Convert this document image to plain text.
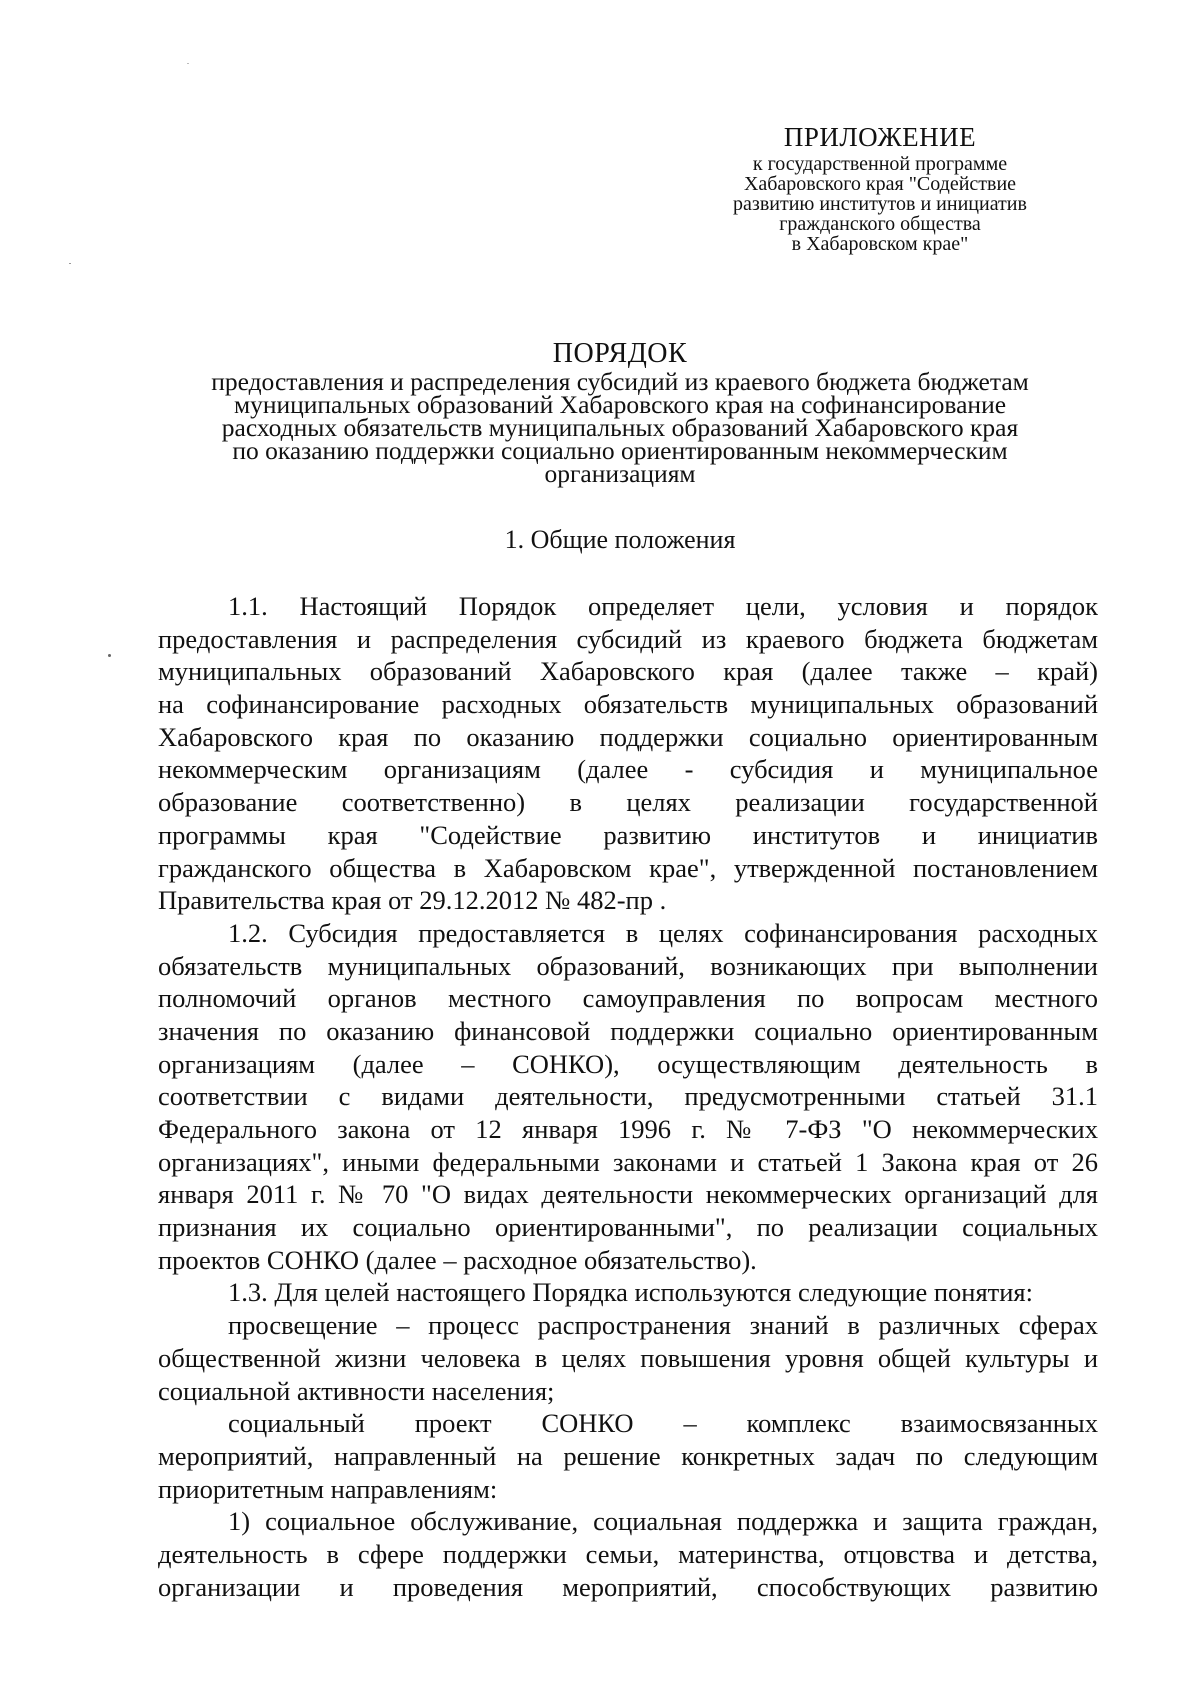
ПРИЛОЖЕНИЕ
к государственной программе
Хабаровского края "Содействие
развитию институтов и инициатив
гражданского общества
в Хабаровском крае"
ПОРЯДОК
предоставления и распределения субсидий из краевого бюджета бюджетам
муниципальных образований Хабаровского края на софинансирование
расходных обязательств муниципальных образований Хабаровского края
по оказанию поддержки социально ориентированным некоммерческим
организациям
1. Общие положения
1.1. Настоящий Порядок определяет цели, условия и порядок
предоставления и распределения субсидий из краевого бюджета бюджетам
муниципальных образований Хабаровского края (далее также – край)
на софинансирование расходных обязательств муниципальных образований
Хабаровского края по оказанию поддержки социально ориентированным
некоммерческим организациям (далее - субсидия и муниципальное
образование соответственно) в целях реализации государственной
программы края "Содействие развитию институтов и инициатив
гражданского общества в Хабаровском крае", утвержденной постановлением
Правительства края от 29.12.2012 № 482-пр .
1.2. Субсидия предоставляется в целях софинансирования расходных
обязательств муниципальных образований, возникающих при выполнении
полномочий органов местного самоуправления по вопросам местного
значения по оказанию финансовой поддержки социально ориентированным
организациям (далее – СОНКО), осуществляющим деятельность в
соответствии с видами деятельности, предусмотренными статьей 31.1
Федерального закона от 12 января 1996 г. № 7-ФЗ "О некоммерческих
организациях", иными федеральными законами и статьей 1 Закона края от 26
января 2011 г. № 70 "О видах деятельности некоммерческих организаций для
признания их социально ориентированными", по реализации социальных
проектов СОНКО (далее – расходное обязательство).
1.3. Для целей настоящего Порядка используются следующие понятия:
просвещение – процесс распространения знаний в различных сферах
общественной жизни человека в целях повышения уровня общей культуры и
социальной активности населения;
социальный проект СОНКО – комплекс взаимосвязанных
мероприятий, направленный на решение конкретных задач по следующим
приоритетным направлениям:
1) социальное обслуживание, социальная поддержка и защита граждан,
деятельность в сфере поддержки семьи, материнства, отцовства и детства,
организации и проведения мероприятий, способствующих развитию
